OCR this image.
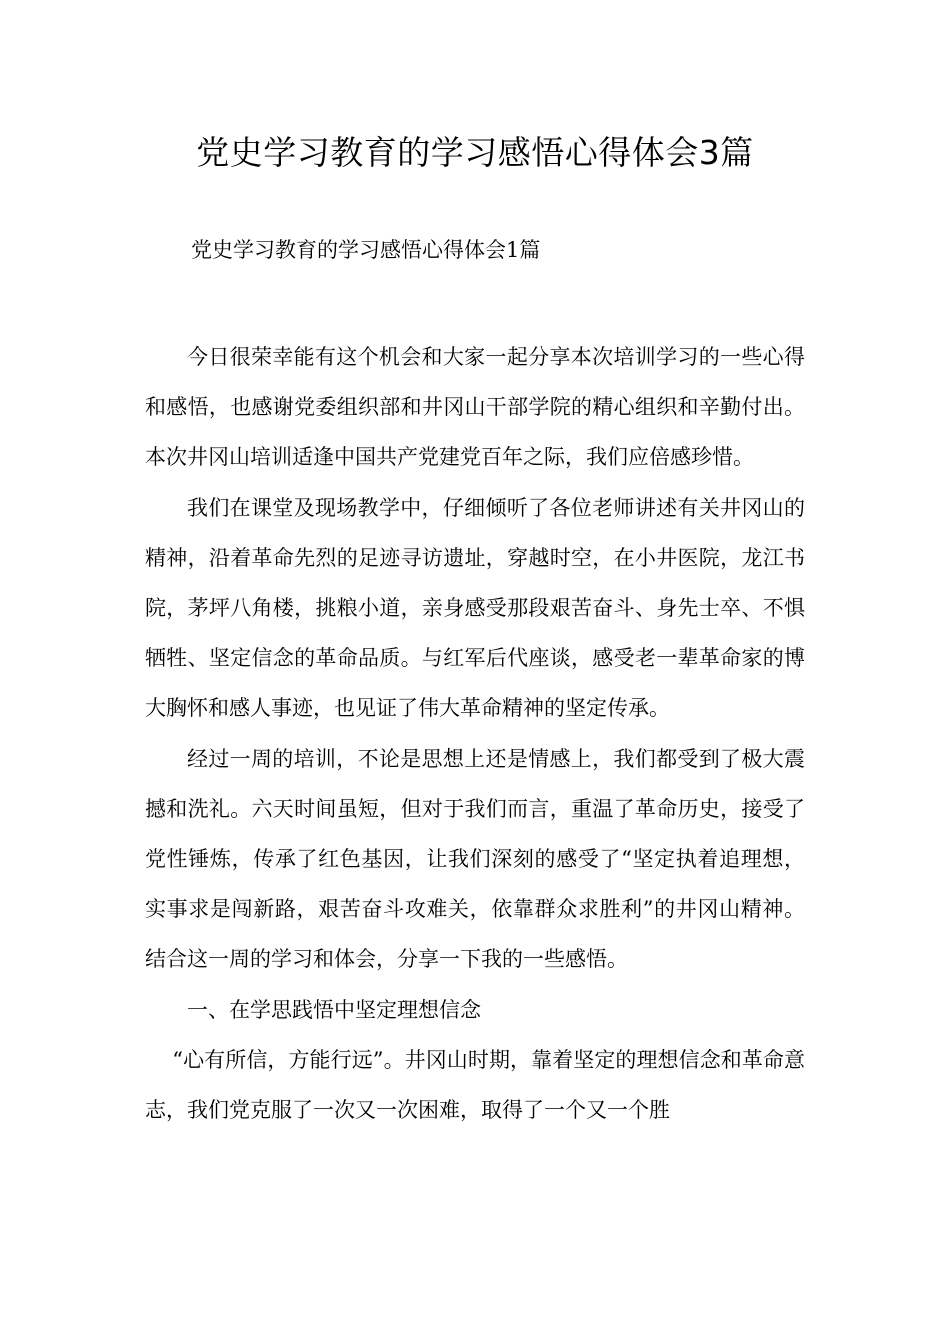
党史学习教育的学习感悟心得体会3篇

党史学习教育的学习感悟心得体会1篇

今日很荣幸能有这个机会和大家一起分享本次培训学习的一些心得和感悟，也感谢党委组织部和井冈山干部学院的精心组织和辛勤付出。本次井冈山培训适逢中国共产党建党百年之际，我们应倍感珍惜。

我们在课堂及现场教学中，仔细倾听了各位老师讲述有关井冈山的精神，沿着革命先烈的足迹寻访遗址，穿越时空，在小井医院，龙江书院，茅坪八角楼，挑粮小道，亲身感受那段艰苦奋斗、身先士卒、不惧牺牲、坚定信念的革命品质。与红军后代座谈，感受老一辈革命家的博大胸怀和感人事迹，也见证了伟大革命精神的坚定传承。

经过一周的培训，不论是思想上还是情感上，我们都受到了极大震撼和洗礼。六天时间虽短，但对于我们而言，重温了革命历史，接受了党性锤炼，传承了红色基因，让我们深刻的感受了“坚定执着追理想，实事求是闯新路，艰苦奋斗攻难关，依靠群众求胜利”的井冈山精神。结合这一周的学习和体会，分享一下我的一些感悟。

一、在学思践悟中坚定理想信念

“心有所信，方能行远”。井冈山时期，靠着坚定的理想信念和革命意志，我们党克服了一次又一次困难，取得了一个又一个胜
